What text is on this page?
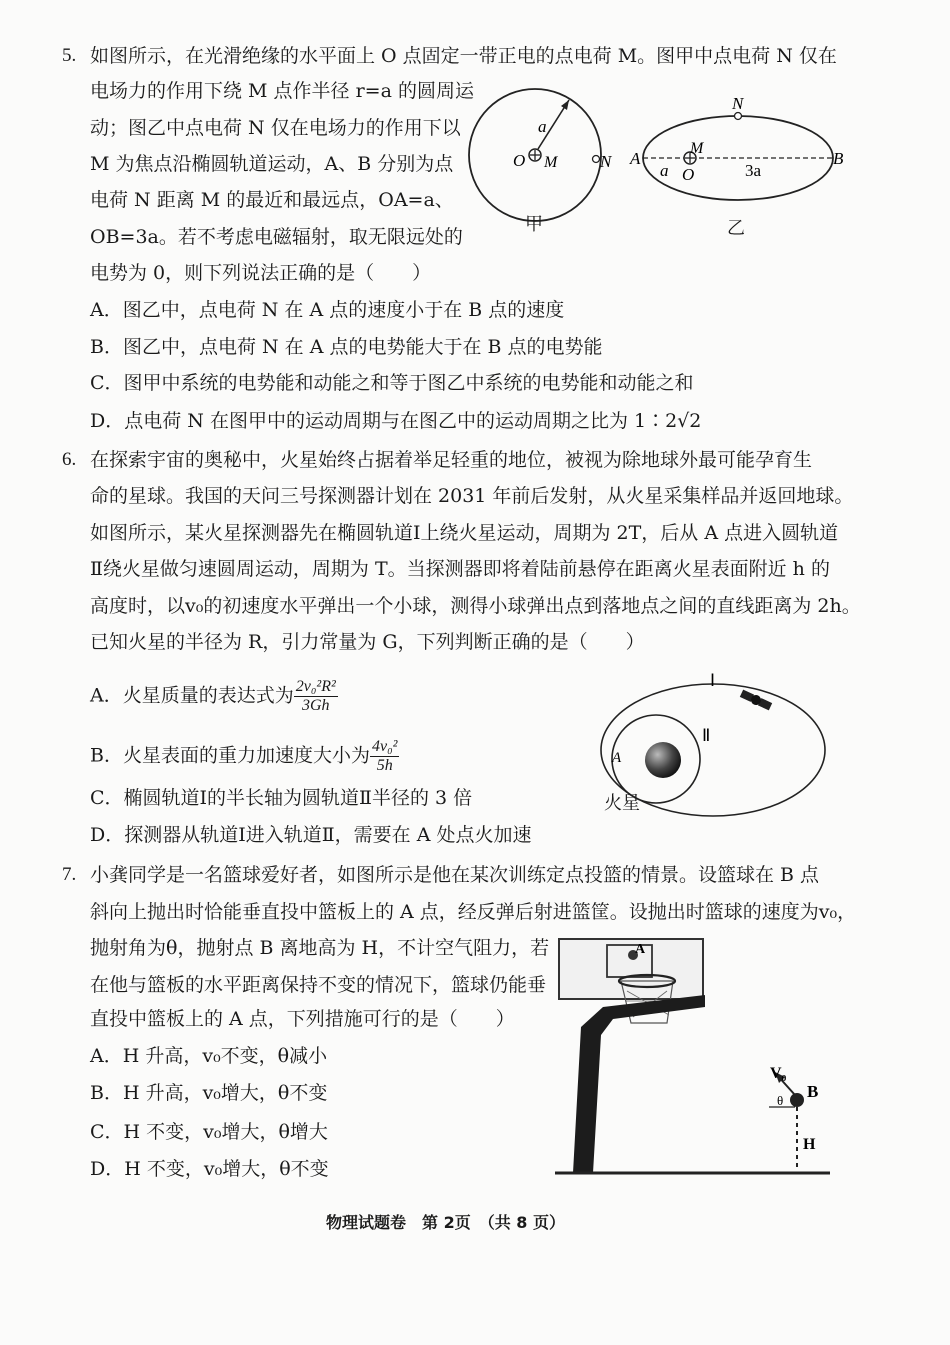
5. 如图所示，在光滑绝缘的水平面上 O 点固定一带正电的点电荷 M。图甲中点电荷 N 仅在
电场力的作用下绕 M 点作半径 r=a 的圆周运
动；图乙中点电荷 N 仅在电场力的作用下以
M 为焦点沿椭圆轨道运动，A、B 分别为点
电荷 N 距离 M 的最近和最远点，OA=a、
OB=3a。若不考虑电磁辐射，取无限远处的
电势为 0，则下列说法正确的是（　　）
A．图乙中，点电荷 N 在 A 点的速度小于在 B 点的速度
B．图乙中，点电荷 N 在 A 点的电势能大于在 B 点的电势能
C．图甲中系统的电势能和动能之和等于图乙中系统的电势能和动能之和
D．点电荷 N 在图甲中的运动周期与在图乙中的运动周期之比为 1∶2√2
a
O M	N
甲
N
M
O
A	B
a	3a
乙
6. 在探索宇宙的奥秘中，火星始终占据着举足轻重的地位，被视为除地球外最可能孕育生
命的星球。我国的天问三号探测器计划在 2031 年前后发射，从火星采集样品并返回地球。
如图所示，某火星探测器先在椭圆轨道Ⅰ上绕火星运动，周期为 2T，后从 A 点进入圆轨道
Ⅱ绕火星做匀速圆周运动，周期为 T。当探测器即将着陆前悬停在距离火星表面附近 h 的
高度时，以v₀的初速度水平弹出一个小球，测得小球弹出点到落地点之间的直线距离为 2h。
已知火星的半径为 R，引力常量为 G，下列判断正确的是（　　）
A．火星质量的表达式为 $\frac{\text{2v₀²R²}}{3Gh}$
B．火星表面的重力加速度大小为 $\frac{\text{4v₀²}}{5h}$
C．椭圆轨道Ⅰ的半长轴为圆轨道Ⅱ半径的 3 倍
D．探测器从轨道Ⅰ进入轨道Ⅱ，需要在 A 处点火加速
Ⅰ
Ⅱ
A
火星
7. 小龚同学是一名篮球爱好者，如图所示是他在某次训练定点投篮的情景。设篮球在 B 点
斜向上抛出时恰能垂直投中篮板上的 A 点，经反弹后射进篮筐。设抛出时篮球的速度为v₀，
抛射角为θ，抛射点 B 离地高为 H，不计空气阻力，若
在他与篮板的水平距离保持不变的情况下，篮球仍能垂
直投中篮板上的 A 点，下列措施可行的是（　　）
A．H 升高，v₀不变，θ减小
B．H 升高，v₀增大，θ不变
C．H 不变，v₀增大，θ增大
D．H 不变，v₀增大，θ不变
A
V₀
θ B
H
物理试题卷　第 2页　（共 8 页）
